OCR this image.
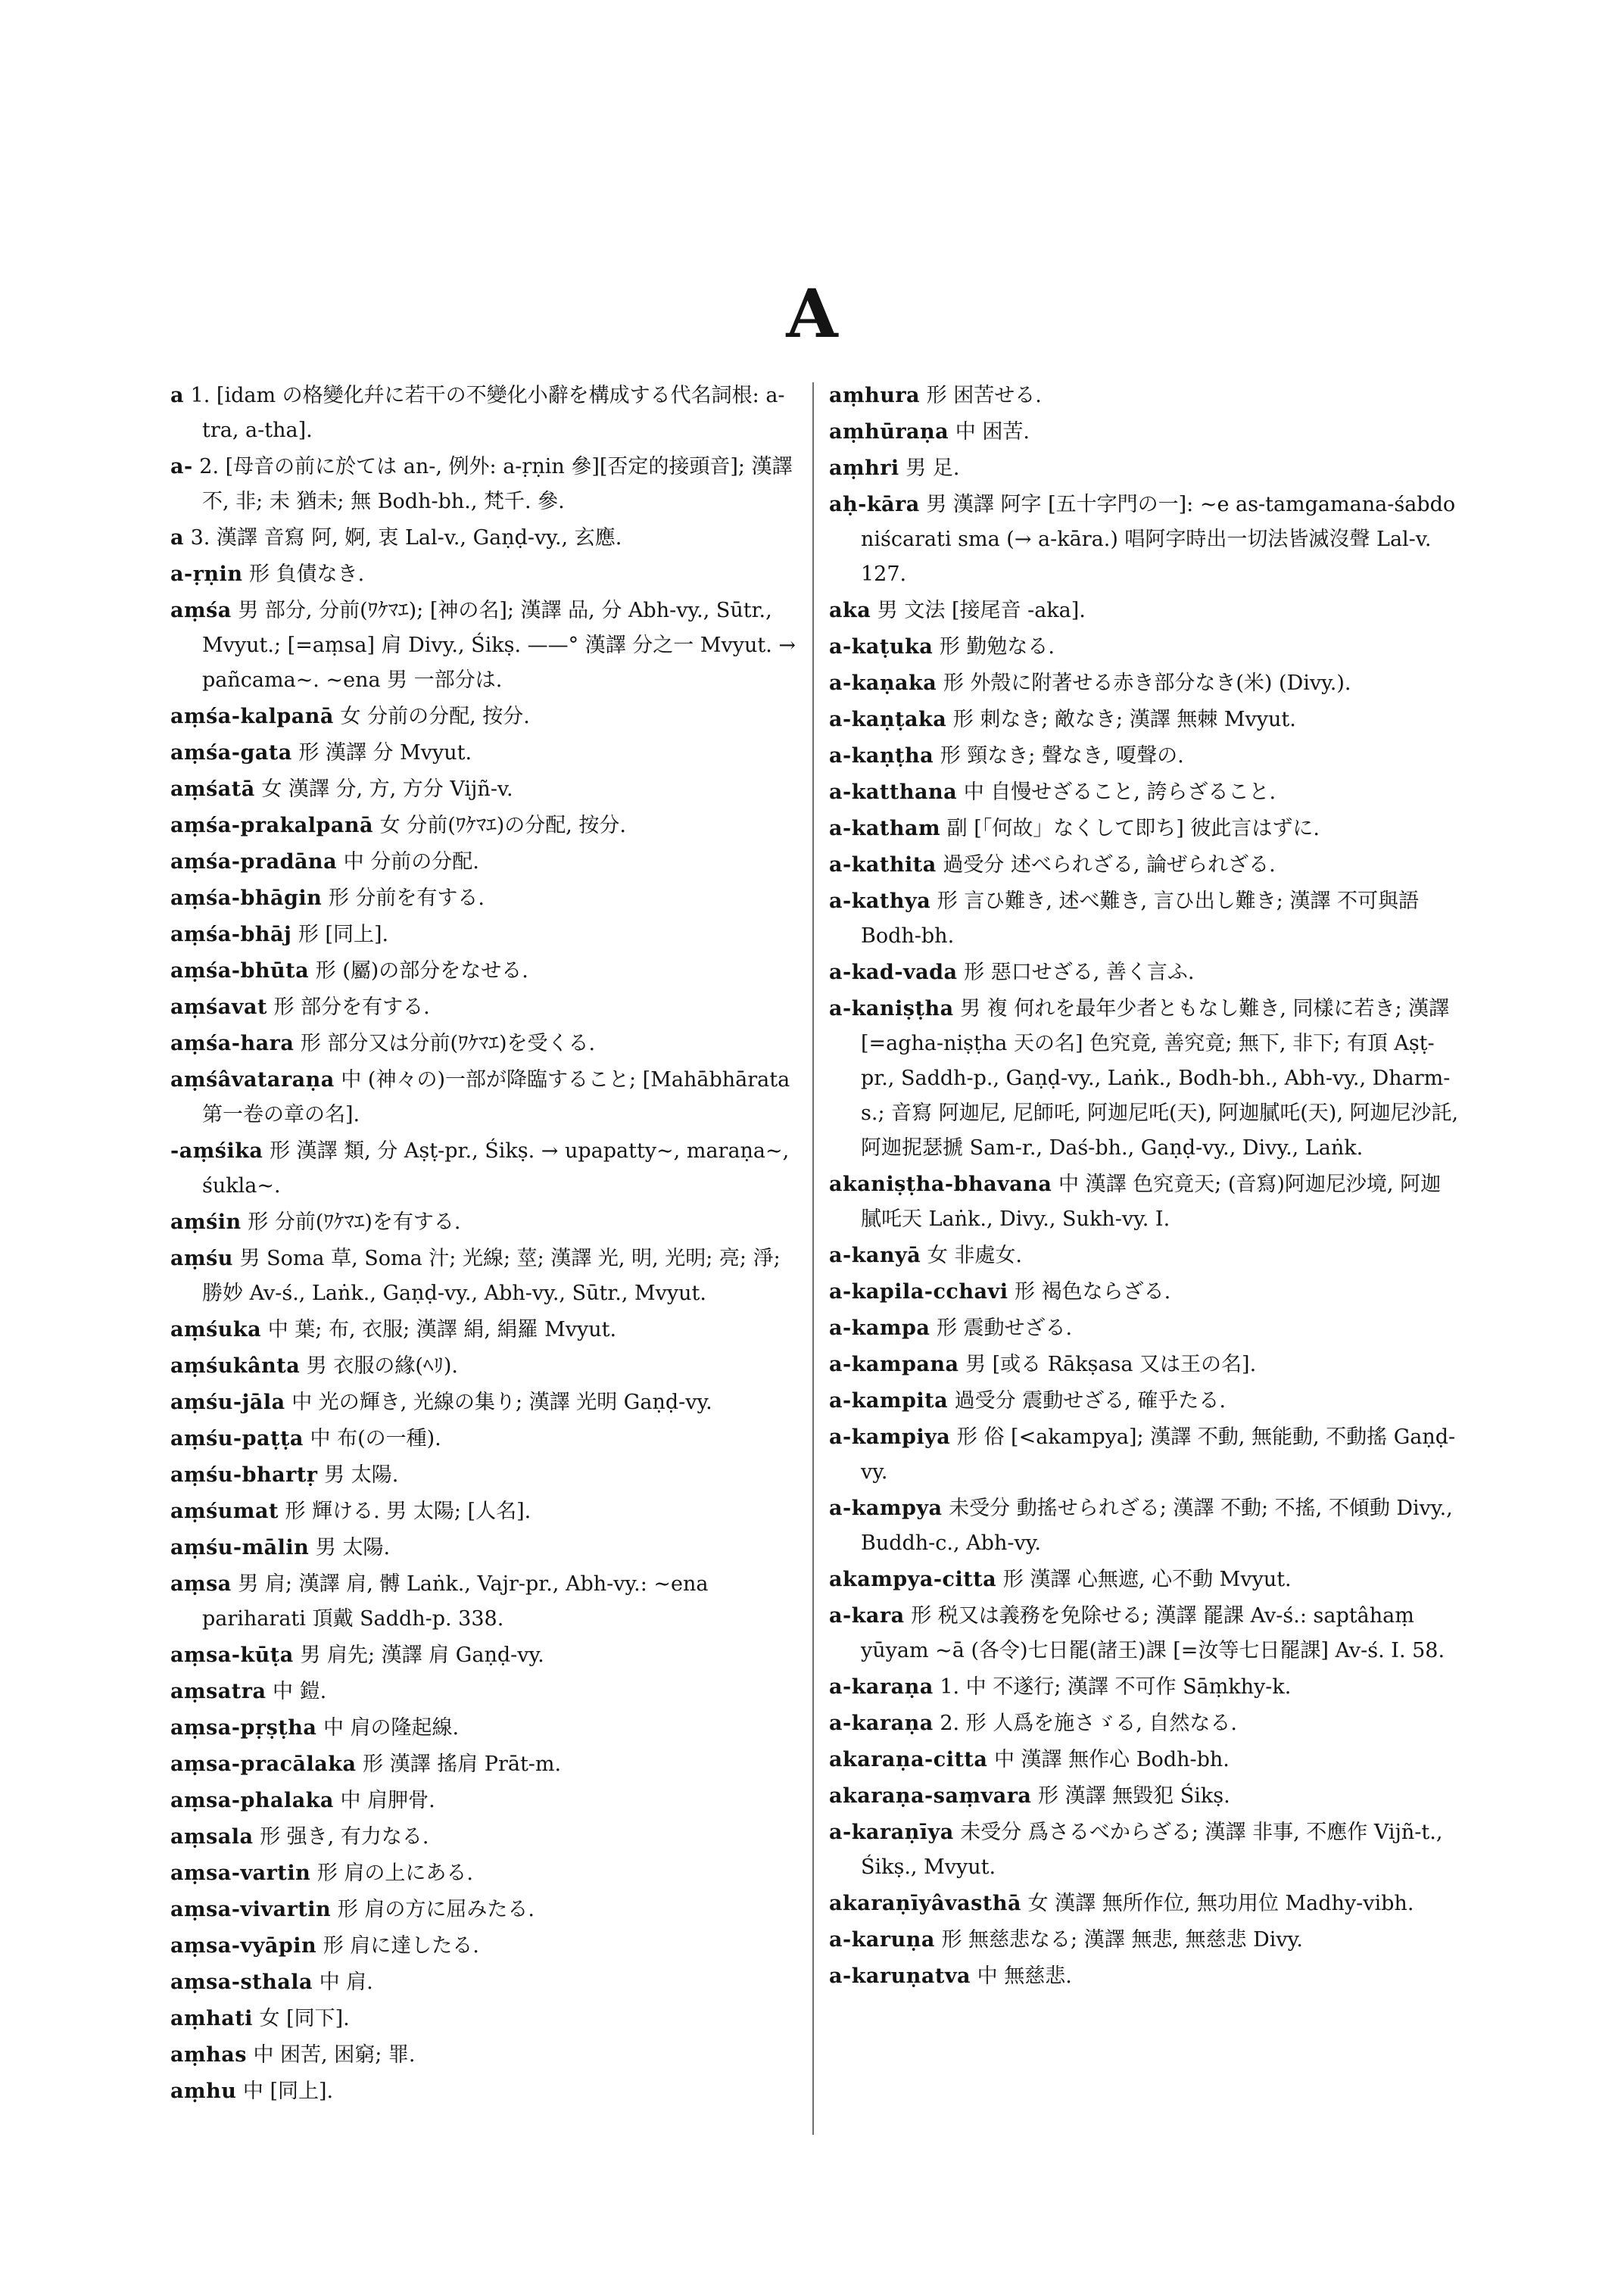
A
a 1. [idam の格變化幷に若干の不變化小辭を構成する代名詞根: a-tra, a-tha].
a- 2. [母音の前に於ては an-, 例外: a-ṛṇin 參][否定的接頭音]; 漢譯 不, 非; 未 猶未; 無 Bodh-bh., 梵千. 參.
a 3. 漢譯 音寫 阿, 婀, 衷 Lal-v., Gaṇḍ-vy., 玄應.
a-ṛṇin 形 負債なき.
aṃśa 男 部分, 分前(ﾜｹﾏｴ); [神の名]; 漢譯 品, 分 Abh-vy., Sūtr., Mvyut.; [=aṃsa] 肩 Divy., Śikṣ. ——° 漢譯 分之一 Mvyut. → pañcama∼. ∼ena 男 一部分は.
aṃśa-kalpanā 女 分前の分配, 按分.
aṃśa-gata 形 漢譯 分 Mvyut.
aṃśatā 女 漢譯 分, 方, 方分 Vijñ-v.
aṃśa-prakalpanā 女 分前(ﾜｹﾏｴ)の分配, 按分.
aṃśa-pradāna 中 分前の分配.
aṃśa-bhāgin 形 分前を有する.
aṃśa-bhāj 形 [同上].
aṃśa-bhūta 形 (屬)の部分をなせる.
aṃśavat 形 部分を有する.
aṃśa-hara 形 部分又は分前(ﾜｹﾏｴ)を受くる.
aṃśâvataraṇa 中 (神々の)一部が降臨すること; [Mahābhārata 第一卷の章の名].
-aṃśika 形 漢譯 類, 分 Aṣṭ-pr., Śikṣ. → upapatty∼, maraṇa∼, śukla∼.
aṃśin 形 分前(ﾜｹﾏｴ)を有する.
aṃśu 男 Soma 草, Soma 汁; 光線; 莖; 漢譯 光, 明, 光明; 亮; 淨; 勝妙 Av-ś., Laṅk., Gaṇḍ-vy., Abh-vy., Sūtr., Mvyut.
aṃśuka 中 葉; 布, 衣服; 漢譯 絹, 絹羅 Mvyut.
aṃśukânta 男 衣服の緣(ﾍﾘ).
aṃśu-jāla 中 光の輝き, 光線の集り; 漢譯 光明 Gaṇḍ-vy.
aṃśu-paṭṭa 中 布(の一種).
aṃśu-bhartṛ 男 太陽.
aṃśumat 形 輝ける. 男 太陽; [人名].
aṃśu-mālin 男 太陽.
aṃsa 男 肩; 漢譯 肩, 髆 Laṅk., Vajr-pr., Abh-vy.: ∼ena pariharati 頂戴 Saddh-p. 338.
aṃsa-kūṭa 男 肩先; 漢譯 肩 Gaṇḍ-vy.
aṃsatra 中 鎧.
aṃsa-pṛṣṭha 中 肩の隆起線.
aṃsa-pracālaka 形 漢譯 搖肩 Prāt-m.
aṃsa-phalaka 中 肩胛骨.
aṃsala 形 强き, 有力なる.
aṃsa-vartin 形 肩の上にある.
aṃsa-vivartin 形 肩の方に屈みたる.
aṃsa-vyāpin 形 肩に達したる.
aṃsa-sthala 中 肩.
aṃhati 女 [同下].
aṃhas 中 困苦, 困窮; 罪.
aṃhu 中 [同上].
aṃhura 形 困苦せる.
aṃhūraṇa 中 困苦.
aṃhri 男 足.
aḥ-kāra 男 漢譯 阿字 [五十字門の一]: ∼e as-tamgamana-śabdo niścarati sma (→ a-kāra.) 唱阿字時出一切法皆滅沒聲 Lal-v. 127.
aka 男 文法 [接尾音 -aka].
a-kaṭuka 形 勤勉なる.
a-kaṇaka 形 外殼に附著せる赤き部分なき(米) (Divy.).
a-kaṇṭaka 形 刺なき; 敵なき; 漢譯 無棘 Mvyut.
a-kaṇṭha 形 頸なき; 聲なき, 嗄聲の.
a-katthana 中 自慢せざること, 誇らざること.
a-katham 副 [「何故」なくして即ち] 彼此言はずに.
a-kathita 過受分 述べられざる, 論ぜられざる.
a-kathya 形 言ひ難き, 述べ難き, 言ひ出し難き; 漢譯 不可與語 Bodh-bh.
a-kad-vada 形 惡口せざる, 善く言ふ.
a-kaniṣṭha 男 複 何れを最年少者ともなし難き, 同樣に若き; 漢譯 [=agha-niṣṭha 天の名] 色究竟, 善究竟; 無下, 非下; 有頂 Aṣṭ-pr., Saddh-p., Gaṇḍ-vy., Laṅk., Bodh-bh., Abh-vy., Dharm-s.; 音寫 阿迦尼, 尼師吒, 阿迦尼吒(天), 阿迦膩吒(天), 阿迦尼沙託, 阿迦抳瑟搋 Sam-r., Daś-bh., Gaṇḍ-vy., Divy., Laṅk.
akaniṣṭha-bhavana 中 漢譯 色究竟天; (音寫)阿迦尼沙境, 阿迦膩吒天 Laṅk., Divy., Sukh-vy. I.
a-kanyā 女 非處女.
a-kapila-cchavi 形 褐色ならざる.
a-kampa 形 震動せざる.
a-kampana 男 [或る Rākṣasa 又は王の名].
a-kampita 過受分 震動せざる, 確乎たる.
a-kampiya 形 俗 [<akampya]; 漢譯 不動, 無能動, 不動搖 Gaṇḍ-vy.
a-kampya 未受分 動搖せられざる; 漢譯 不動; 不搖, 不傾動 Divy., Buddh-c., Abh-vy.
akampya-citta 形 漢譯 心無遮, 心不動 Mvyut.
a-kara 形 税又は義務を免除せる; 漢譯 罷課 Av-ś.: saptâhaṃ yūyam ∼ā (各令)七日罷(諸王)課 [=汝等七日罷課] Av-ś. I. 58.
a-karaṇa 1. 中 不遂行; 漢譯 不可作 Sāṃkhy-k.
a-karaṇa 2. 形 人爲を施さゞる, 自然なる.
akaraṇa-citta 中 漢譯 無作心 Bodh-bh.
akaraṇa-saṃvara 形 漢譯 無毀犯 Śikṣ.
a-karaṇīya 未受分 爲さるべからざる; 漢譯 非事, 不應作 Vijñ-t., Śikṣ., Mvyut.
akaraṇīyâvasthā 女 漢譯 無所作位, 無功用位 Madhy-vibh.
a-karuṇa 形 無慈悲なる; 漢譯 無悲, 無慈悲 Divy.
a-karuṇatva 中 無慈悲.
